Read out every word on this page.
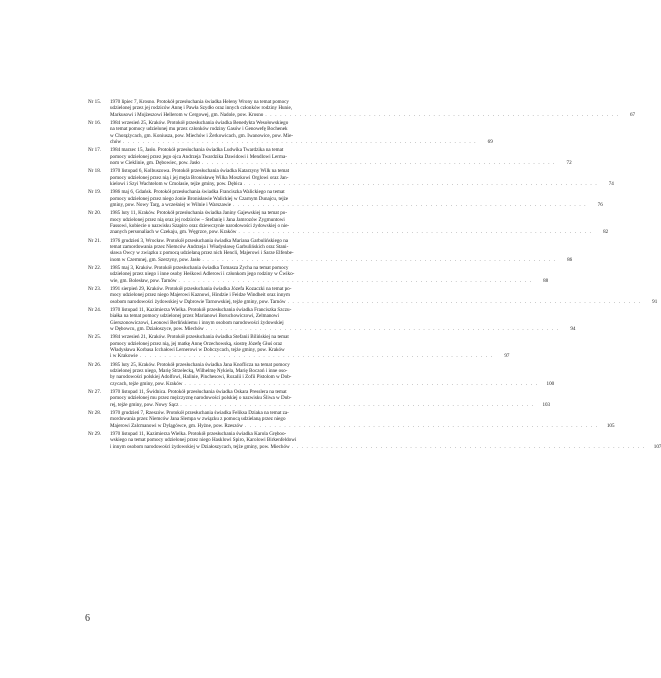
Nr 15.	1970 lipiec 7, Krosno. Protokół przesłuchania świadka Heleny Wrony na temat pomocy
udzielonej przez jej rodziców Annę i Pawła Szydło oraz innych członków rodziny Hunie,
Markusowi i Mojżeszowi Hellerom w Cergowej, gm. Nadole, pow. Krosno . . . . . . . . . . . . . . . . . . . . . . . . . . . . . . . . . . . . . . . . . . . . . . . . . . . . . . . . . . . . . . . . . . . . . . . .	67
Nr 16.	1984 wrzesień 25, Kraków. Protokół przesłuchania świadka Benedykta Wesołowskiego
na temat pomocy udzielonej mu przez członków rodziny Gasów i Genowefę Bochenek
w Chorążycach, gm. Koniusza, pow. Miechów i Żerkowicach, gm. Iwanowice, pow. Mie-
chów . . . . . . . . . . . . . . . . . . . . . . . . . . . . . . . . . . . . . . . . . . . . . . . . . . . . . . . . . . . . . . . . . . . . . . . .	69
Nr 17.	1984 marzec 15, Jasło. Protokół przesłuchania świadka Ludwika Twardzika na temat
pomocy udzielonej przez jego ojca Andrzeja Twardzika Dawidowi i Mendlowi Lerma-
nom w Cieklinie, gm. Dębowiec, pow. Jasło . . . . . . . . . . . . . . . . . . . . . . . . . . . . . . . . . . . . . . . . . . . . . . . . . . . . . . . . . . . . . . . . . . . . . . . .	72
Nr 18.	1970 listopad 6, Kolbuszowa. Protokół przesłuchania świadka Katarzyny Wilk na temat
pomocy udzielonej przez nią i jej męża Bronisławę Wilka Moszkowi Orglowi oraz Jan-
kielowi i Szyi Wachtelom w Cmolasie, tejże gminy, pow. Dębica . . . . . . . . . . . . . . . . . . . . . . . . . . . . . . . . . . . . . . . . . . . . . . . . . . . . . . . . . . . . . . . . . . . . . . . .	74
Nr 19.	1986 maj 6, Gdańsk. Protokół przesłuchania świadka Franciszka Walickiego na temat
pomocy udzielonej przez niego żonie Bronisławie Walickiej w Czarnym Dunajcu, tejże
gminy, pow. Nowy Targ, a wcześniej w Wilnie i Warszawie . . . . . . . . . . . . . . . . . . . . . . . . . . . . . . . . . . . . . . . . . . . . . . . . . . . . . . . . . . . . . . . . . . . . . . . .	76
Nr 20.	1985 luty 11, Kraków. Protokół przesłuchania świadka Janiny Gajewskiej na temat po-
mocy udzielonej przez nią oraz jej rodziców – Stefanię i Jana Jamrozów Zygmuntowi
Fassowi, kobiecie o nazwisku Szapiro oraz dziewczynie narodowości żydowskiej o nie-
znanych personaliach w Czekaju, gm. Węgrzce, pow. Kraków . . . . . . . . . . . . . . . . . . . . . . . . . . . . . . . . . . . . . . . . . . . . . . . . . . . . . . . . . . . . . . . . . . . . . . . .	82
Nr 21.	1976 grudzień 3, Wrocław. Protokół przesłuchania świadka Mariana Garbulińskiego na
temat zamordowania przez Niemców Andrzeja i Władysławę Garbulińskich oraz Stani-
sława Owcy w związku z pomocą udzielaną przez nich Hencli, Majerowi i Sarze Elfenbe-
inom w Czermnej, gm. Szerzyny, pow. Jasło . . . . . . . . . . . . . . . . . . . . . . . . . . . . . . . . . . . . . . . . . . . . . . . . . . . . . . . . . . . . . . . . . . . . . . . .	86
Nr 22.	1985 maj 3, Kraków. Protokół przesłuchania świadka Tomasza Zycha na temat pomocy
udzielonej przez niego i inne osoby Heśkowi Adlerowi i członkom jego rodziny w Ćwiko-
wie, gm. Bolesław, pow. Tarnów . . . . . . . . . . . . . . . . . . . . . . . . . . . . . . . . . . . . . . . . . . . . . . . . . . . . . . . . . . . . . . . . . . . . . . . .	88
Nr 23.	1991 sierpień 29, Kraków. Protokół przesłuchania świadka Józefa Kozaczki na temat po-
mocy udzielonej przez niego Majerowi Kaznowi, Hindzie i Feidze Windheit oraz innym
osobom narodowości żydowskiej w Dąbrowie Tarnowskiej, tejże gminy, pow. Tarnów . . . . . . . . . . . . . . . . . . . . . . . . . . . . . . . . . . . . . . . . . . . . . . . . . . . . . . . . . . . . . . . . . . . . . . . .	91
Nr 24.	1970 listopad 11, Kazimierza Wielka. Protokół przesłuchania świadka Franciszka Szczu-
białka na temat pomocy udzielonej przez Marianowi Boruchowiczowi, Zelmanowi
Gierszonowiczowi, Leonowi Berlińskiemu i innym osobom narodowości żydowskiej
w Dębowcu, gm. Działoszyce, pow. Miechów . . . . . . . . . . . . . . . . . . . . . . . . . . . . . . . . . . . . . . . . . . . . . . . . . . . . . . . . . . . . . . . . . . . . . . . .	94
Nr 25.	1984 wrzesień 21, Kraków. Protokół przesłuchania świadka Stefanii Bilińskiej na temat
pomocy udzielonej przez nią, jej matkę Annę Orzechowską, siostrę Józefę Głuś oraz
Władysława Korbasa Icchałowi Lernerowi w Dobczycach, tejże gminy, pow. Kraków
i w Krakowie . . . . . . . . . . . . . . . . . . . . . . . . . . . . . . . . . . . . . . . . . . . . . . . . . . . . . . . . . . . . . . . . . . . . . . . .	97
Nr 26.	1985 luty 25, Kraków. Protokół przesłuchania świadka Jana Knoflicza na temat pomocy
udzielonej przez niego, Marię Strzelecką, Wilhelmę Nykiela, Marię Boczoń i inne oso-
by narodowości polskiej Adolfowi, Halinie, Pinchesowi, Rozalii i Zofii Pistolom w Dob-
czycach, tejże gminy, pow. Kraków . . . . . . . . . . . . . . . . . . . . . . . . . . . . . . . . . . . . . . . . . . . . . . . . . . . . . . . . . . . . . . . . . . . . . . . .	100
Nr 27.	1970 listopad 11, Świdnica. Protokół przesłuchania świadka Oskara Presslera na temat
pomocy udzielonej mu przez mężczyznę narodowości polskiej o nazwisku Śliwa w Dob-
rej, tejże gminy, pow. Nowy Sącz . . . . . . . . . . . . . . . . . . . . . . . . . . . . . . . . . . . . . . . . . . . . . . . . . . . . . . . . . . . . . . . . . . . . . . . .	103
Nr 28.	1970 grudzień 7, Rzeszów. Protokół przesłuchania świadka Feliksa Dziaka na temat za-
mordowania przez Niemców Jana Slempa w związku z pomocą udzielaną przez niego
Majerowi Zalcmanowi w Dylągówce, gm. Hyżne, pow. Rzeszów . . . . . . . . . . . . . . . . . . . . . . . . . . . . . . . . . . . . . . . . . . . . . . . . . . . . . . . . . . . . . . . . . . . . . . . .	105
Nr 29.	1970 listopad 11, Kazimierza Wielka. Protokół przesłuchania świadka Karola Gręboo-
wskiego na temat pomocy udzielonej przez niego Hasklowi Spiro, Karolowi Birkenfeldowi
i innym osobom narodowości żydowskiej w Działoszycach, tejże gminy, pow. Miechów . . . . . . . . . . . . . . . . . . . . . . . . . . . . . . . . . . . . . . . . . . . . . . . . . . . . . . . . . . . . . . . . . . . . . . . .	107
6
